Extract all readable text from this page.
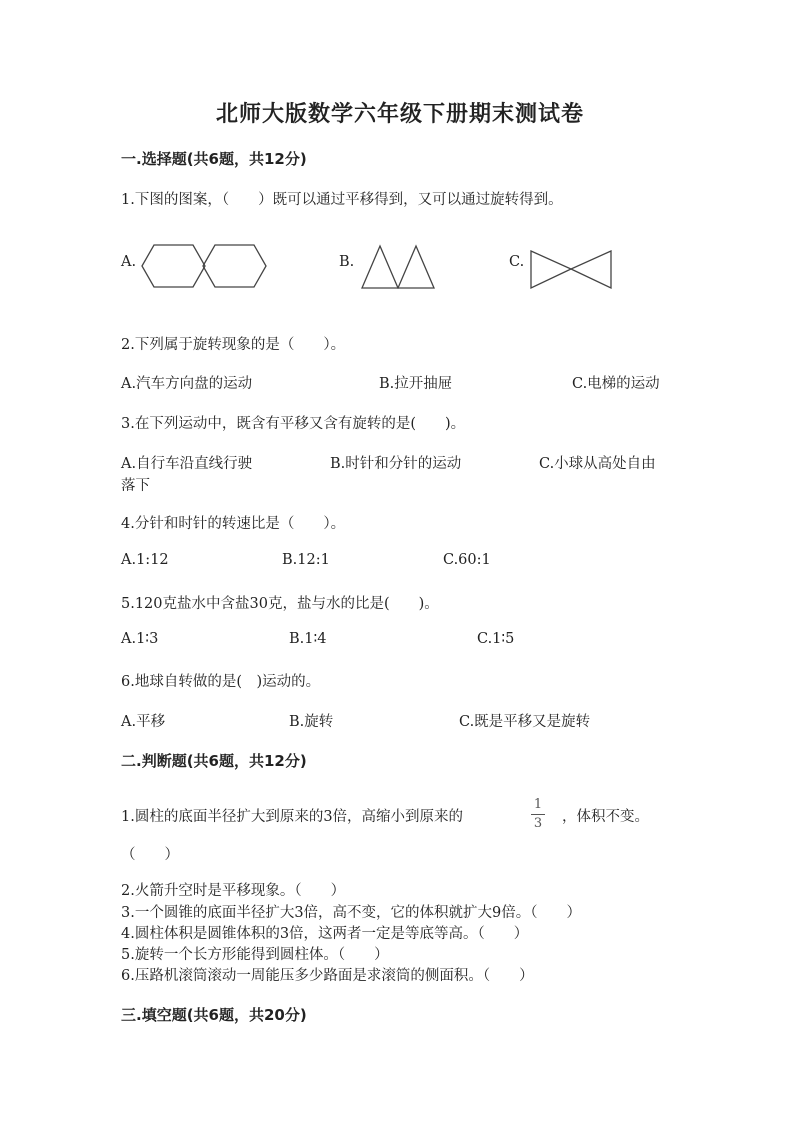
北师大版数学六年级下册期末测试卷
一.选择题(共6题，共12分)
1.下图的图案，（　　）既可以通过平移得到，又可以通过旋转得到。
A.	B.	C.
2.下列属于旋转现象的是（　　）。
A.汽车方向盘的运动	B.拉开抽屉	C.电梯的运动
3.在下列运动中，既含有平移又含有旋转的是(　　)。
A.自行车沿直线行驶	B.时针和分针的运动	C.小球从高处自由
落下
4.分针和时针的转速比是（　　）。
A.1:12	B.12:1	C.60:1
5.120克盐水中含盐30克，盐与水的比是(　　)。
A.1∶3	B.1∶4	C.1∶5
6.地球自转做的是(　)运动的。
A.平移	B.旋转	C.既是平移又是旋转
二.判断题(共6题，共12分)
1.圆柱的底面半径扩大到原来的3倍，高缩小到原来的
1
3 ，体积不变。
（　　）
2.火箭升空时是平移现象。（　　）
3.一个圆锥的底面半径扩大3倍，高不变，它的体积就扩大9倍。（　　）
4.圆柱体积是圆锥体积的3倍，这两者一定是等底等高。（　　）
5.旋转一个长方形能得到圆柱体。（　　）
6.压路机滚筒滚动一周能压多少路面是求滚筒的侧面积。（　　）
三.填空题(共6题，共20分)
